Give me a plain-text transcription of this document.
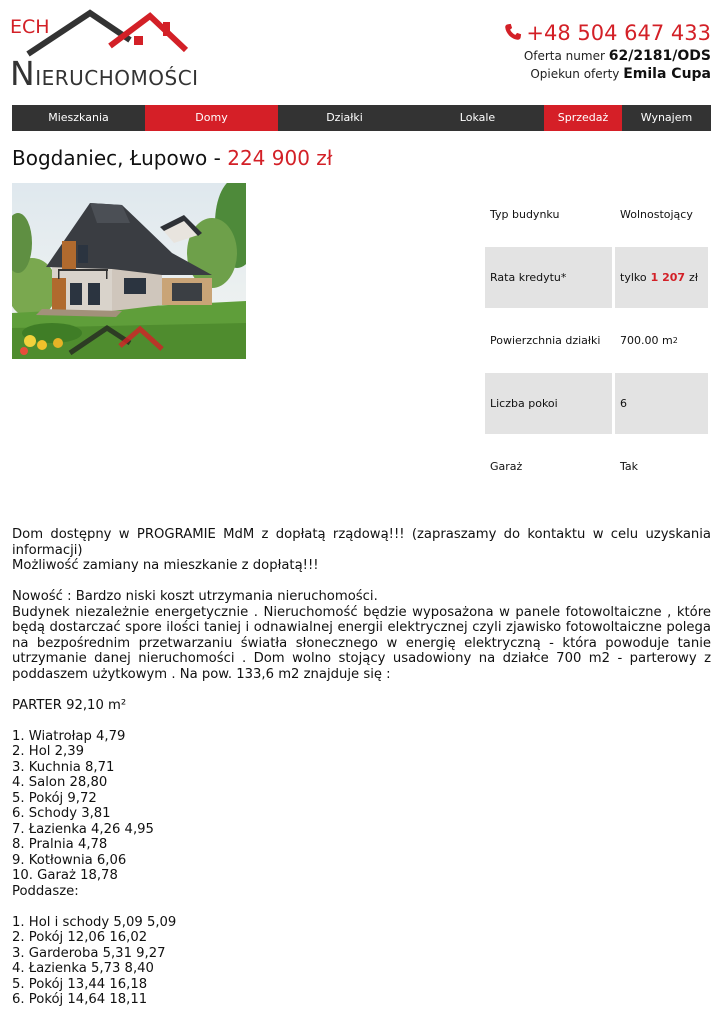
ECH
NIERUCHOMOŚCI
+48 504 647 433
Oferta numer 62/2181/ODS
Opiekun oferty Emila Cupa
Mieszkania	Domy	Działki	Lokale	Sprzedaż	Wynajem
Bogdaniec, Łupowo - 224 900 zł
Typ budynku	Wolnostojący
Rata kredytu*	tylko 1 207 zł
Powierzchnia działki	700.00 m 2
Liczba pokoi	6
Garaż	Tak

Dom dostępny w PROGRAMIE MdM z dopłatą rządową!!! (zapraszamy do kontaktu w celu uzyskania informacji)

Możliwość zamiany na mieszkanie z dopłatą!!!

Nowość : Bardzo niski koszt utrzymania nieruchomości.

Budynek niezależnie energetycznie . Nieruchomość będzie wyposażona w panele fotowoltaiczne , które będą dostarczać spore ilości taniej i odnawialnej energii elektrycznej czyli zjawisko fotowoltaiczne polega na bezpośrednim przetwarzaniu światła słonecznego w energię elektryczną - która powoduje tanie utrzymanie danej nieruchomości . Dom wolno stojący usadowiony na działce 700 m2 - parterowy z poddaszem użytkowym . Na pow. 133,6 m2 znajduje się :

PARTER 92,10 m²

1. Wiatrołap 4,79

2. Hol 2,39

3. Kuchnia 8,71

4. Salon 28,80

5. Pokój 9,72

6. Schody 3,81

7. Łazienka 4,26 4,95

8. Pralnia 4,78

9. Kotłownia 6,06

10. Garaż 18,78

Poddasze:

1. Hol i schody 5,09 5,09

2. Pokój 12,06 16,02

3. Garderoba 5,31 9,27

4. Łazienka 5,73 8,40

5. Pokój 13,44 16,18

6. Pokój 14,64 18,11
